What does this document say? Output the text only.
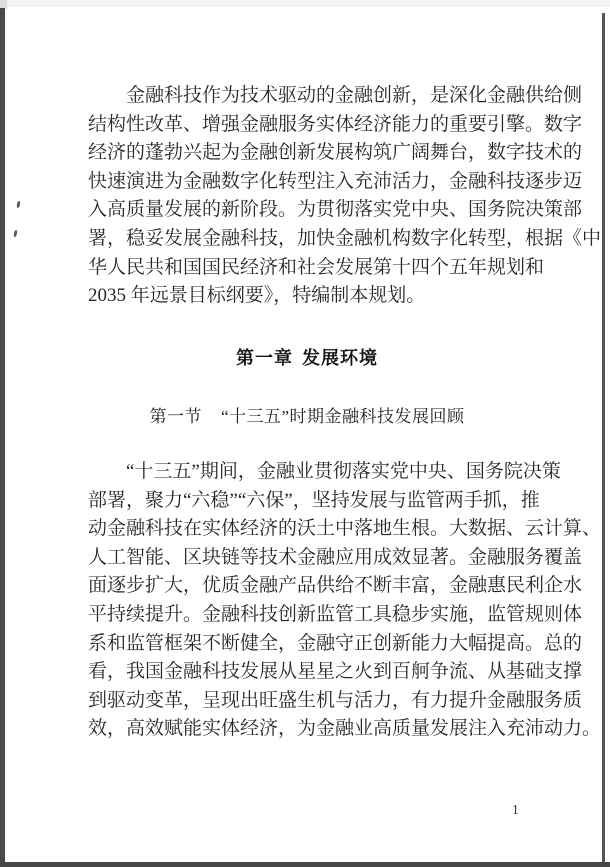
金融科技作为技术驱动的金融创新，是深化金融供给侧
结构性改革、增强金融服务实体经济能力的重要引擎。数字
经济的蓬勃兴起为金融创新发展构筑广阔舞台，数字技术的
快速演进为金融数字化转型注入充沛活力，金融科技逐步迈
入高质量发展的新阶段。为贯彻落实党中央、国务院决策部
署，稳妥发展金融科技，加快金融机构数字化转型，根据《中
华人民共和国国民经济和社会发展第十四个五年规划和
2035 年远景目标纲要》，特编制本规划。
第一章 发展环境
第一节 “十三五”时期金融科技发展回顾
“十三五”期间，金融业贯彻落实党中央、国务院决策
部署，聚力“六稳”“六保”，坚持发展与监管两手抓，推
动金融科技在实体经济的沃土中落地生根。大数据、云计算、
人工智能、区块链等技术金融应用成效显著。金融服务覆盖
面逐步扩大，优质金融产品供给不断丰富，金融惠民利企水
平持续提升。金融科技创新监管工具稳步实施，监管规则体
系和监管框架不断健全，金融守正创新能力大幅提高。总的
看，我国金融科技发展从星星之火到百舸争流、从基础支撑
到驱动变革，呈现出旺盛生机与活力，有力提升金融服务质
效，高效赋能实体经济，为金融业高质量发展注入充沛动力。
1
